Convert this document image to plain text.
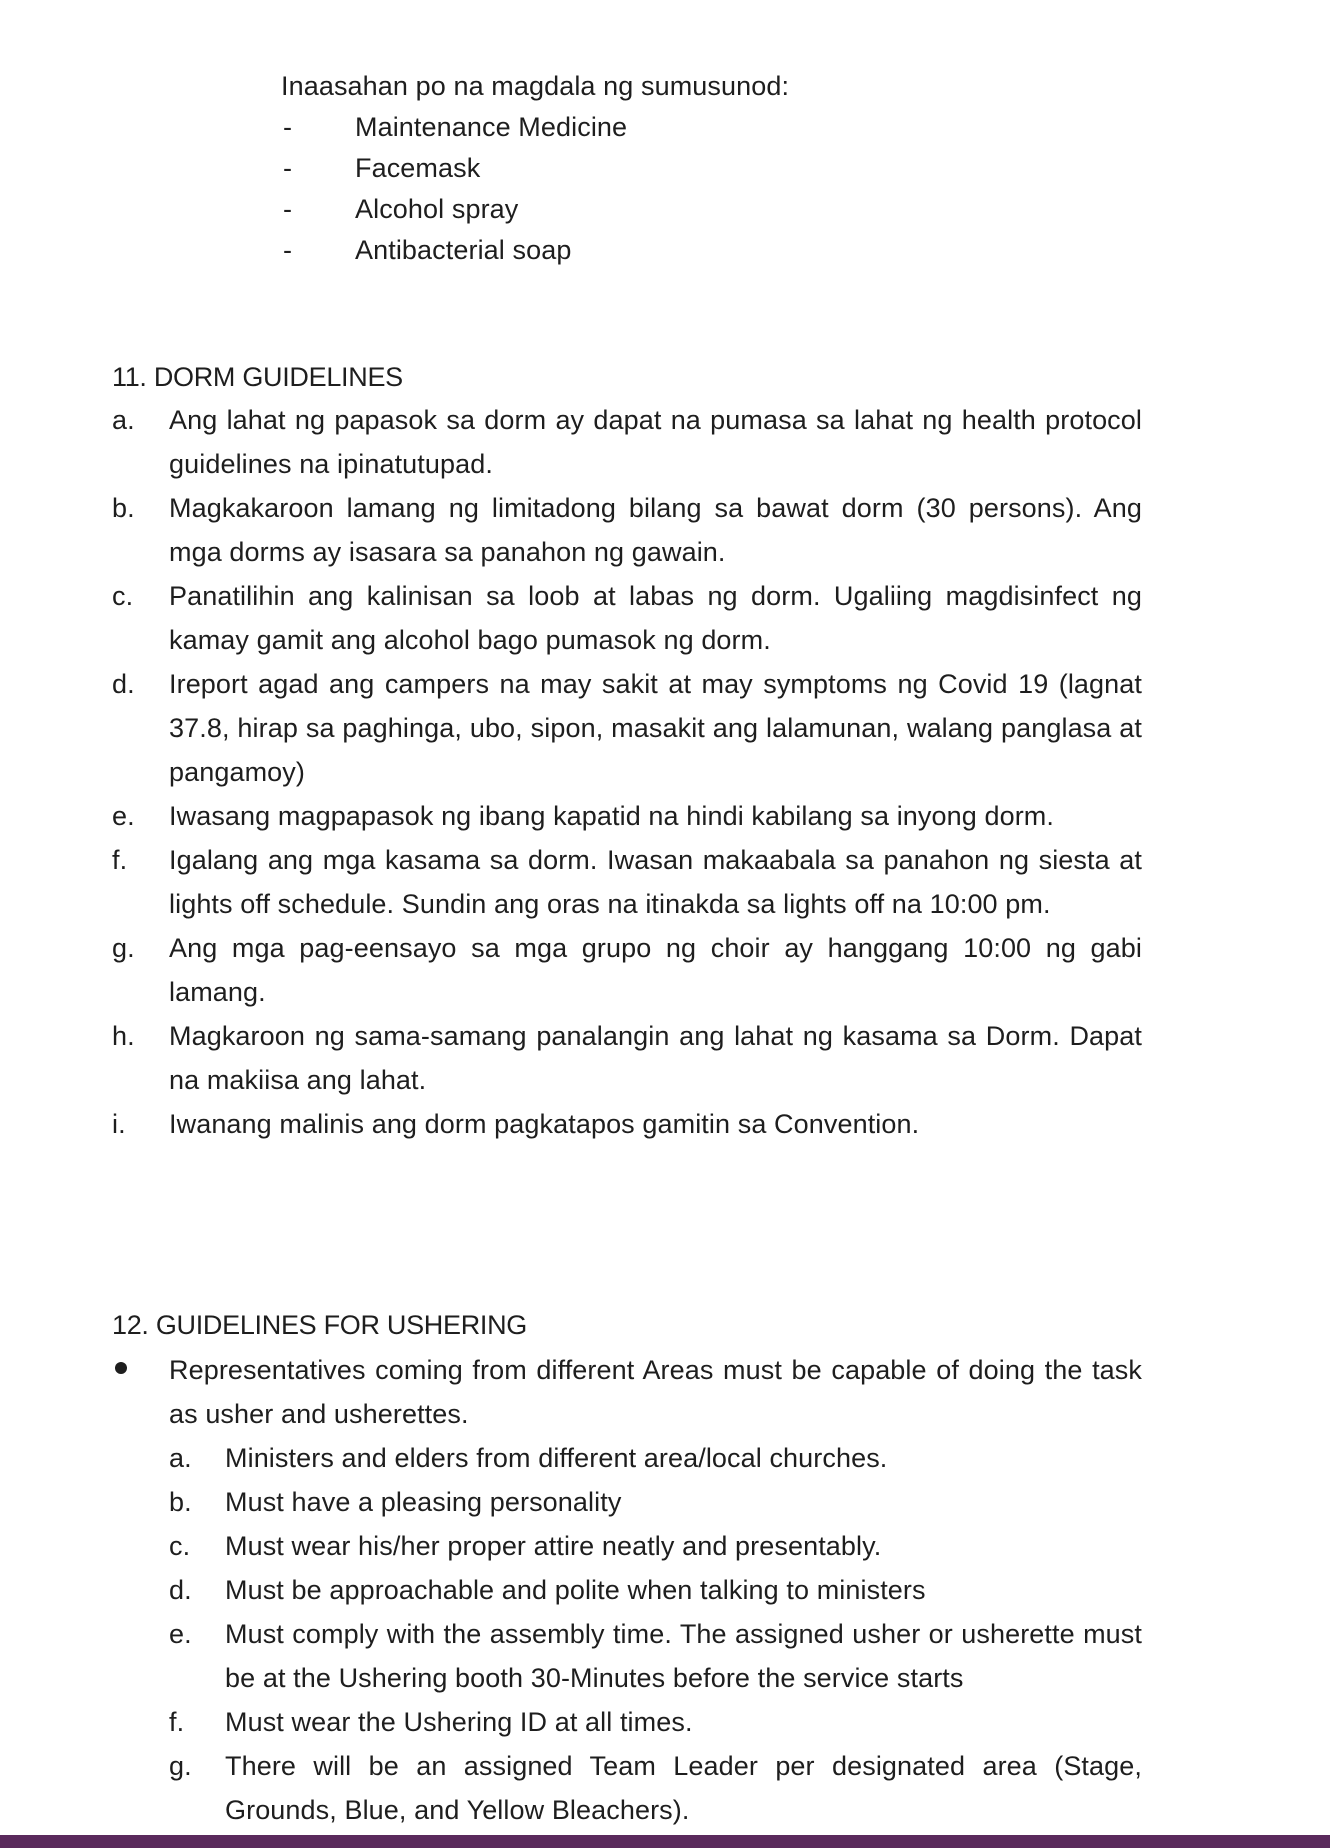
Inaasahan po na magdala ng sumusunod:
- Maintenance Medicine
- Facemask
- Alcohol spray
- Antibacterial soap
11. DORM GUIDELINES
a. Ang lahat ng papasok sa dorm ay dapat na pumasa sa lahat ng health protocol guidelines na ipinatutupad.
b. Magkakaroon lamang ng limitadong bilang sa bawat dorm (30 persons). Ang mga dorms ay isasara sa panahon ng gawain.
c. Panatilihin ang kalinisan sa loob at labas ng dorm. Ugaliing magdisinfect ng kamay gamit ang alcohol bago pumasok ng dorm.
d. Ireport agad ang campers na may sakit at may symptoms ng Covid 19 (lagnat 37.8, hirap sa paghinga, ubo, sipon, masakit ang lalamunan, walang panglasa at pangamoy)
e. Iwasang magpapasok ng ibang kapatid na hindi kabilang sa inyong dorm.
f. Igalang ang mga kasama sa dorm. Iwasan makaabala sa panahon ng siesta at lights off schedule. Sundin ang oras na itinakda sa lights off na 10:00 pm.
g. Ang mga pag-eensayo sa mga grupo ng choir ay hanggang 10:00 ng gabi lamang.
h. Magkaroon ng sama-samang panalangin ang lahat ng kasama sa Dorm. Dapat na makiisa ang lahat.
i. Iwanang malinis ang dorm pagkatapos gamitin sa Convention.
12. GUIDELINES FOR USHERING
Representatives coming from different Areas must be capable of doing the task as usher and usherettes.
a. Ministers and elders from different area/local churches.
b. Must have a pleasing personality
c. Must wear his/her proper attire neatly and presentably.
d. Must be approachable and polite when talking to ministers
e. Must comply with the assembly time. The assigned usher or usherette must be at the Ushering booth 30-Minutes before the service starts
f. Must wear the Ushering ID at all times.
g. There will be an assigned Team Leader per designated area (Stage, Grounds, Blue, and Yellow Bleachers).
